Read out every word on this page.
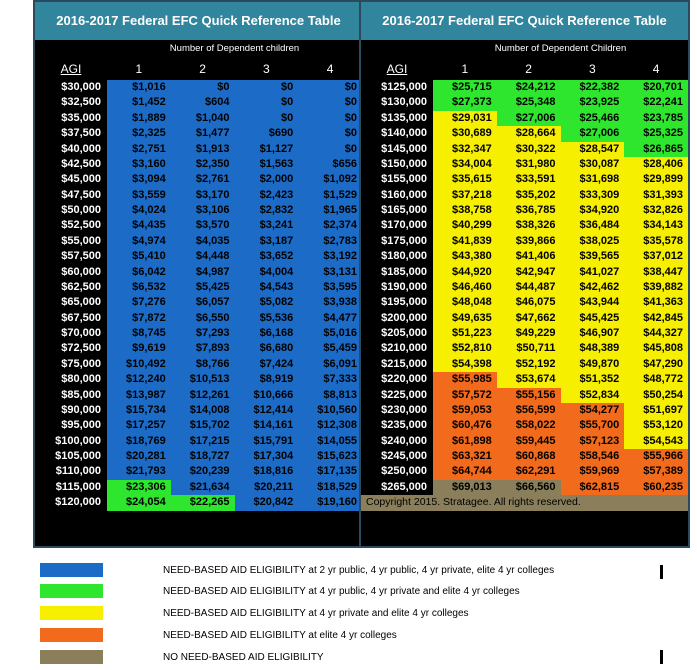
2016-2017 Federal EFC Quick Reference Table
Number of Dependent children
AGI	1	2	3	4
$30,000	$1,016	$0	$0	$0
$32,500	$1,452	$604	$0	$0
$35,000	$1,889	$1,040	$0	$0
$37,500	$2,325	$1,477	$690	$0
$40,000	$2,751	$1,913	$1,127	$0
$42,500	$3,160	$2,350	$1,563	$656
$45,000	$3,094	$2,761	$2,000	$1,092
$47,500	$3,559	$3,170	$2,423	$1,529
$50,000	$4,024	$3,106	$2,832	$1,965
$52,500	$4,435	$3,570	$3,241	$2,374
$55,000	$4,974	$4,035	$3,187	$2,783
$57,500	$5,410	$4,448	$3,652	$3,192
$60,000	$6,042	$4,987	$4,004	$3,131
$62,500	$6,532	$5,425	$4,543	$3,595
$65,000	$7,276	$6,057	$5,082	$3,938
$67,500	$7,872	$6,550	$5,536	$4,477
$70,000	$8,745	$7,293	$6,168	$5,016
$72,500	$9,619	$7,893	$6,680	$5,459
$75,000	$10,492	$8,766	$7,424	$6,091
$80,000	$12,240	$10,513	$8,919	$7,333
$85,000	$13,987	$12,261	$10,666	$8,813
$90,000	$15,734	$14,008	$12,414	$10,560
$95,000	$17,257	$15,702	$14,161	$12,308
$100,000	$18,769	$17,215	$15,791	$14,055
$105,000	$20,281	$18,727	$17,304	$15,623
$110,000	$21,793	$20,239	$18,816	$17,135
$115,000	$23,306	$21,634	$20,211	$18,529
$120,000	$24,054	$22,265	$20,842	$19,160
2016-2017 Federal EFC Quick Reference Table
Number of Dependent Children
AGI	1	2	3	4
$125,000	$25,715	$24,212	$22,382	$20,701
$130,000	$27,373	$25,348	$23,925	$22,241
$135,000	$29,031	$27,006	$25,466	$23,785
$140,000	$30,689	$28,664	$27,006	$25,325
$145,000	$32,347	$30,322	$28,547	$26,865
$150,000	$34,004	$31,980	$30,087	$28,406
$155,000	$35,615	$33,591	$31,698	$29,899
$160,000	$37,218	$35,202	$33,309	$31,393
$165,000	$38,758	$36,785	$34,920	$32,826
$170,000	$40,299	$38,326	$36,484	$34,143
$175,000	$41,839	$39,866	$38,025	$35,578
$180,000	$43,380	$41,406	$39,565	$37,012
$185,000	$44,920	$42,947	$41,027	$38,447
$190,000	$46,460	$44,487	$42,462	$39,882
$195,000	$48,048	$46,075	$43,944	$41,363
$200,000	$49,635	$47,662	$45,425	$42,845
$205,000	$51,223	$49,229	$46,907	$44,327
$210,000	$52,810	$50,711	$48,389	$45,808
$215,000	$54,398	$52,192	$49,870	$47,290
$220,000	$55,985	$53,674	$51,352	$48,772
$225,000	$57,572	$55,156	$52,834	$50,254
$230,000	$59,053	$56,599	$54,277	$51,697
$235,000	$60,476	$58,022	$55,700	$53,120
$240,000	$61,898	$59,445	$57,123	$54,543
$245,000	$63,321	$60,868	$58,546	$55,966
$250,000	$64,744	$62,291	$59,969	$57,389
$265,000	$69,013	$66,560	$62,815	$60,235
Copyright 2015. Stratagee. All rights reserved.
NEED-BASED AID ELIGIBILITY at 2 yr public, 4 yr public, 4 yr private, elite 4 yr colleges
NEED-BASED AID ELIGIBILITY at 4 yr public, 4 yr private and elite 4 yr colleges
NEED-BASED AID ELIGIBILITY at 4 yr private and elite 4 yr colleges
NEED-BASED AID ELIGIBILITY at elite 4 yr colleges
NO NEED-BASED AID ELIGIBILITY
